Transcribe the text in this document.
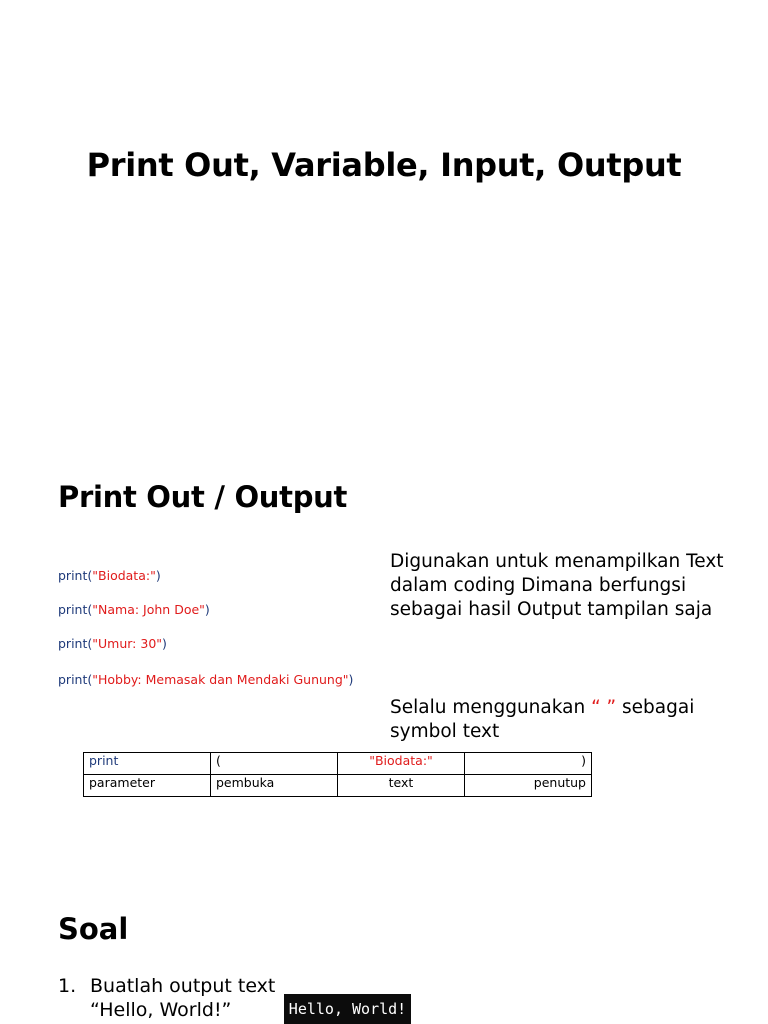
Print Out, Variable, Input, Output
Print Out / Output
print("Biodata:")
print("Nama: John Doe")
print("Umur: 30")
print("Hobby: Memasak dan Mendaki Gunung")
Digunakan untuk menampilkan Text dalam coding Dimana berfungsi sebagai hasil Output tampilan saja
Selalu menggunakan “ ” sebagai symbol text
print	(	"Biodata:"	)
parameter	pembuka	text	penutup
Soal
1. Buatlah output text
“Hello, World!”	Hello, World!
